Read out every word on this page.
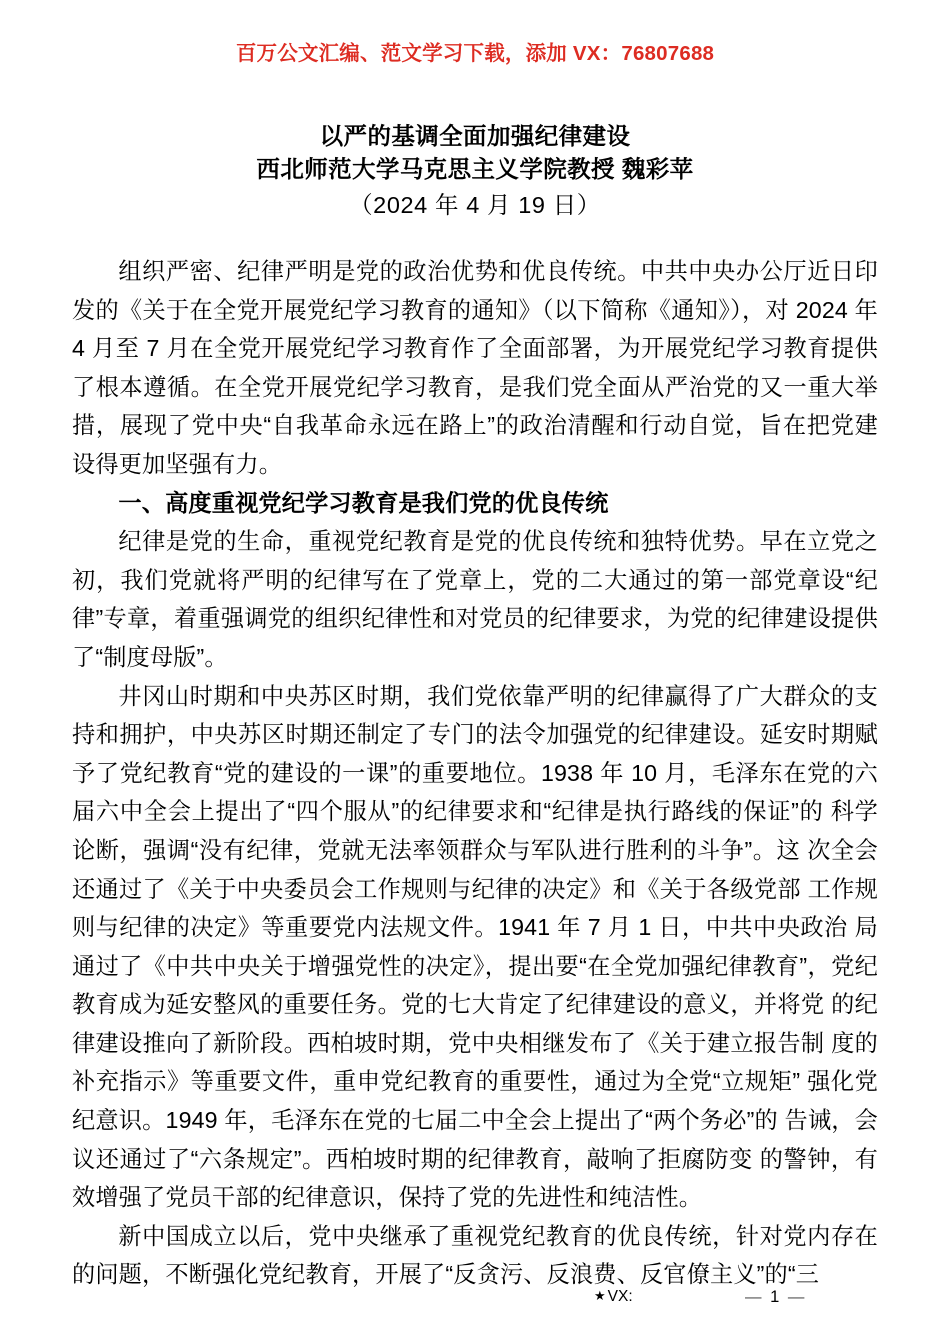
百万公文汇编、范文学习下载，添加 VX：76807688
以严的基调全面加强纪律建设
西北师范大学马克思主义学院教授 魏彩苹
（2024 年 4 月 19 日）

组织严密、纪律严明是党的政治优势和优良传统。中共中央办公厅近日印发的《关于在全党开展党纪学习教育的通知》（以下简称《通知》），对 2024 年 4 月至 7 月在全党开展党纪学习教育作了全面部署，为开展党纪学习教育提供了根本遵循。在全党开展党纪学习教育，是我们党全面从严治党的又一重大举措，展现了党中央“自我革命永远在路上”的政治清醒和行动自觉，旨在把党建设得更加坚强有力。

一、高度重视党纪学习教育是我们党的优良传统

纪律是党的生命，重视党纪教育是党的优良传统和独特优势。早在立党之初，我们党就将严明的纪律写在了党章上，党的二大通过的第一部党章设“纪律”专章，着重强调党的组织纪律性和对党员的纪律要求，为党的纪律建设提供了“制度母版”。

井冈山时期和中央苏区时期，我们党依靠严明的纪律赢得了广大群众的支持和拥护，中央苏区时期还制定了专门的法令加强党的纪律建设。延安时期赋 予了党纪教育“党的建设的一课”的重要地位。1938 年 10 月，毛泽东在党的六届六中全会上提出了“四个服从”的纪律要求和“纪律是执行路线的保证”的 科学论断，强调“没有纪律，党就无法率领群众与军队进行胜利的斗争”。这 次全会还通过了《关于中央委员会工作规则与纪律的决定》和《关于各级党部 工作规则与纪律的决定》等重要党内法规文件。1941 年 7 月 1 日，中共中央政治 局通过了《中共中央关于增强党性的决定》，提出要“在全党加强纪律教育”，党纪教育成为延安整风的重要任务。党的七大肯定了纪律建设的意义，并将党 的纪律建设推向了新阶段。西柏坡时期，党中央相继发布了《关于建立报告制 度的补充指示》等重要文件，重申党纪教育的重要性，通过为全党“立规矩” 强化党纪意识。1949 年，毛泽东在党的七届二中全会上提出了“两个务必”的 告诫，会议还通过了“六条规定”。西柏坡时期的纪律教育，敲响了拒腐防变 的警钟，有效增强了党员干部的纪律意识，保持了党的先进性和纯洁性。

新中国成立以后，党中央继承了重视党纪教育的优良传统，针对党内存在的问题，不断强化党纪教育，开展了“反贪污、反浪费、反官僚主义”的“三

★ VX:	— 1 —
